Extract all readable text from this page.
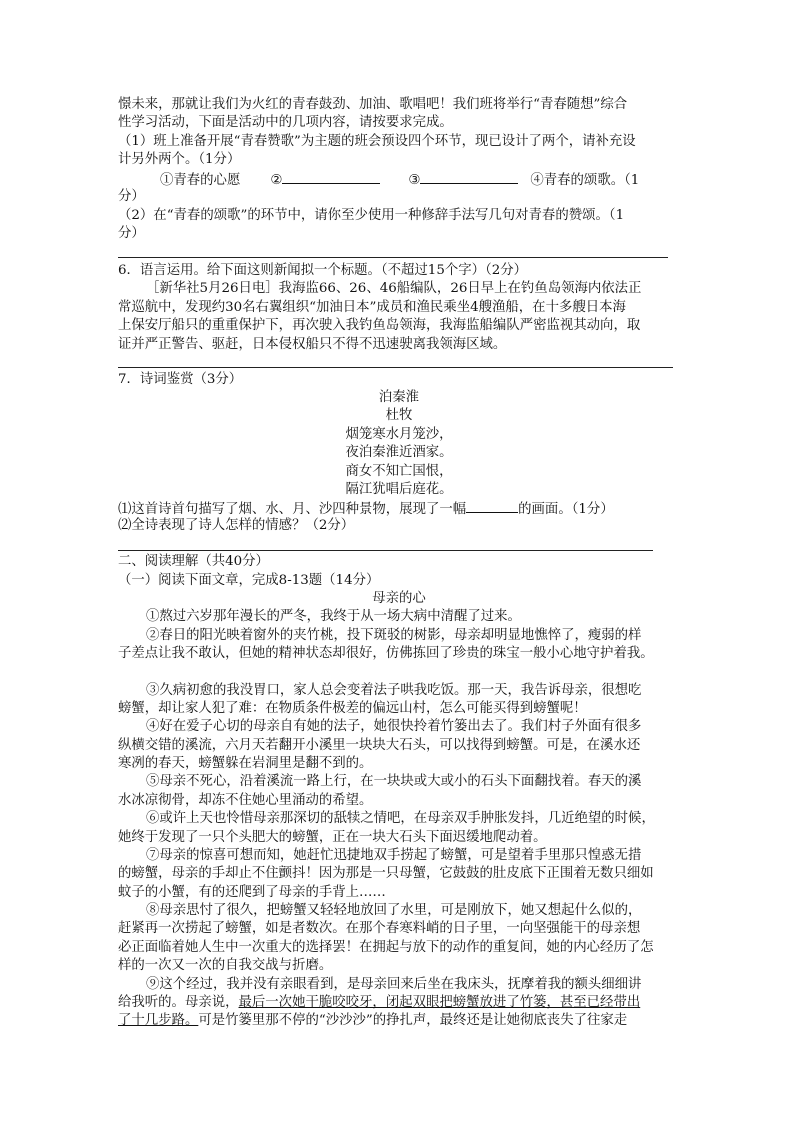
憬未来，那就让我们为火红的青春鼓劲、加油、歌唱吧！我们班将举行“青春随想”综合
性学习活动，下面是活动中的几项内容，请按要求完成。
（1）班上准备开展“青春赞歌”为主题的班会预设四个环节，现已设计了两个，请补充设
计另外两个。（1分）
①青春的心愿 ②	③	④青春的颂歌。（1
分）
（2）在“青春的颂歌”的环节中，请你至少使用一种修辞手法写几句对青春的赞颂。（1
分）
6．语言运用。给下面这则新闻拟一个标题。（不超过15个字）（2分）
［新华社5月26日电］我海监66、26、46船编队，26日早上在钓鱼岛领海内依法正
常巡航中，发现约30名右翼组织“加油日本”成员和渔民乘坐4艘渔船，在十多艘日本海
上保安厅船只的重重保护下，再次驶入我钓鱼岛领海，我海监船编队严密监视其动向，取
证并严正警告、驱赶，日本侵权船只不得不迅速驶离我领海区域。
7．诗词鉴赏（3分）
泊秦淮
杜牧
烟笼寒水月笼沙，
夜泊秦淮近酒家。
商女不知亡国恨，
隔江犹唱后庭花。
⑴这首诗首句描写了烟、水、月、沙四种景物，展现了一幅	的画面。（1分）
⑵全诗表现了诗人怎样的情感？（2分）
二、阅读理解（共40分）
（一）阅读下面文章，完成8-13题（14分）
母亲的心
①熬过六岁那年漫长的严冬，我终于从一场大病中清醒了过来。
②春日的阳光映着窗外的夹竹桃，投下斑驳的树影，母亲却明显地憔悴了，瘦弱的样
子差点让我不敢认，但她的精神状态却很好，仿佛拣回了珍贵的珠宝一般小心地守护着我。
③久病初愈的我没胃口，家人总会变着法子哄我吃饭。那一天，我告诉母亲，很想吃
螃蟹，却让家人犯了难：在物质条件极差的偏远山村，怎么可能买得到螃蟹呢！
④好在爱子心切的母亲自有她的法子，她很快拎着竹篓出去了。我们村子外面有很多
纵横交错的溪流，六月天若翻开小溪里一块块大石头，可以找得到螃蟹。可是，在溪水还
寒冽的春天，螃蟹躲在岩洞里是翻不到的。
⑤母亲不死心，沿着溪流一路上行，在一块块或大或小的石头下面翻找着。春天的溪
水冰凉彻骨，却冻不住她心里涌动的希望。
⑥或许上天也怜惜母亲那深切的舐犊之情吧，在母亲双手肿胀发抖，几近绝望的时候，
她终于发现了一只个头肥大的螃蟹，正在一块大石头下面迟缓地爬动着。
⑦母亲的惊喜可想而知，她赶忙迅捷地双手捞起了螃蟹，可是望着手里那只惶惑无措
的螃蟹，母亲的手却止不住颤抖！因为那是一只母蟹，它鼓鼓的肚皮底下正围着无数只细如
蚊子的小蟹，有的还爬到了母亲的手背上……
⑧母亲思忖了很久，把螃蟹又轻轻地放回了水里，可是刚放下，她又想起什么似的，
赶紧再一次捞起了螃蟹，如是者数次。在那个春寒料峭的日子里，一向坚强能干的母亲想
必正面临着她人生中一次重大的选择罢！在拥起与放下的动作的重复间，她的内心经历了怎
样的一次又一次的自我交战与折磨。
⑨这个经过，我并没有亲眼看到，是母亲回来后坐在我床头，抚摩着我的额头细细讲
给我听的。母亲说，最后一次她干脆咬咬牙，闭起双眼把螃蟹放进了竹篓，甚至已经带出
了十几步路。可是竹篓里那不停的“沙沙沙”的挣扎声，最终还是让她彻底丧失了往家走
